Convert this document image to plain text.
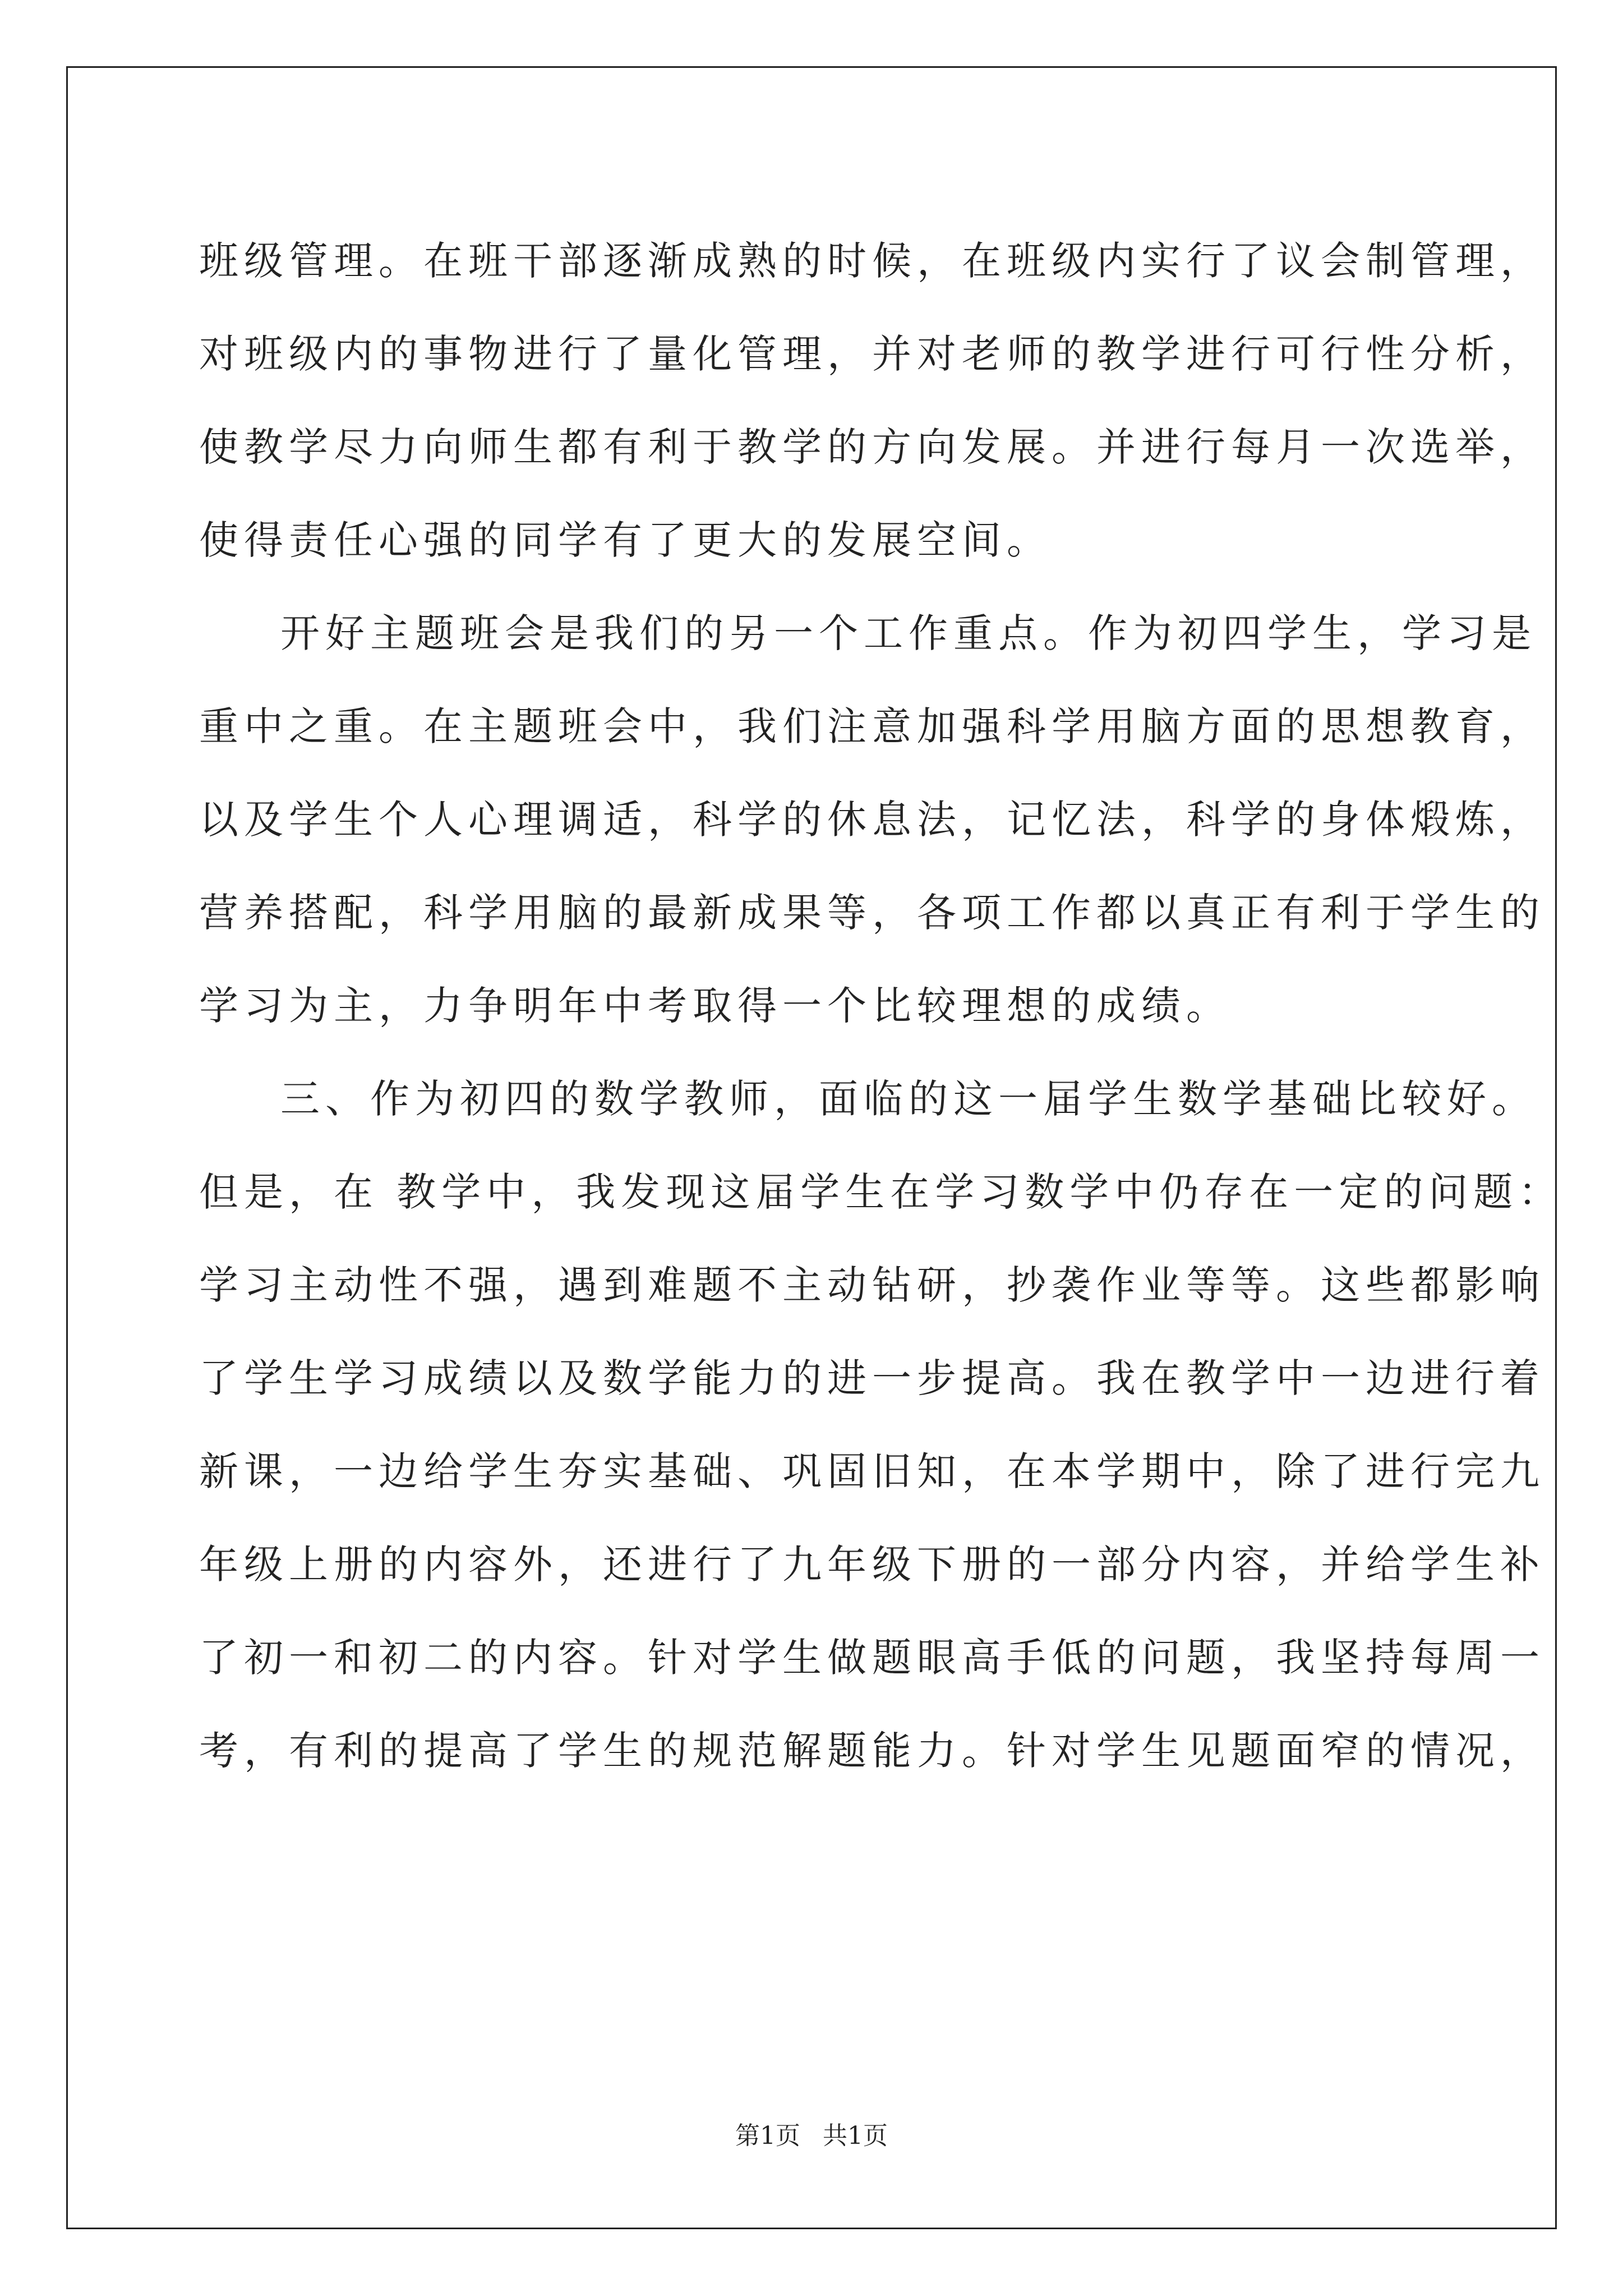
班级管理。在班干部逐渐成熟的时候，在班级内实行了议会制管理，
对班级内的事物进行了量化管理，并对老师的教学进行可行性分析，
使教学尽力向师生都有利于教学的方向发展。并进行每月一次选举，
使得责任心强的同学有了更大的发展空间。
开好主题班会是我们的另一个工作重点。作为初四学生，学习是
重中之重。在主题班会中，我们注意加强科学用脑方面的思想教育，
以及学生个人心理调适，科学的休息法，记忆法，科学的身体煅炼，
营养搭配，科学用脑的最新成果等，各项工作都以真正有利于学生的
学习为主，力争明年中考取得一个比较理想的成绩。
三、作为初四的数学教师，面临的这一届学生数学基础比较好。
但是，在 教学中，我发现这届学生在学习数学中仍存在一定的问题：
学习主动性不强，遇到难题不主动钻研，抄袭作业等等。这些都影响
了学生学习成绩以及数学能力的进一步提高。我在教学中一边进行着
新课，一边给学生夯实基础、巩固旧知，在本学期中，除了进行完九
年级上册的内容外，还进行了九年级下册的一部分内容，并给学生补
了初一和初二的内容。针对学生做题眼高手低的问题，我坚持每周一
考，有利的提高了学生的规范解题能力。针对学生见题面窄的情况，
第1页 共1页
